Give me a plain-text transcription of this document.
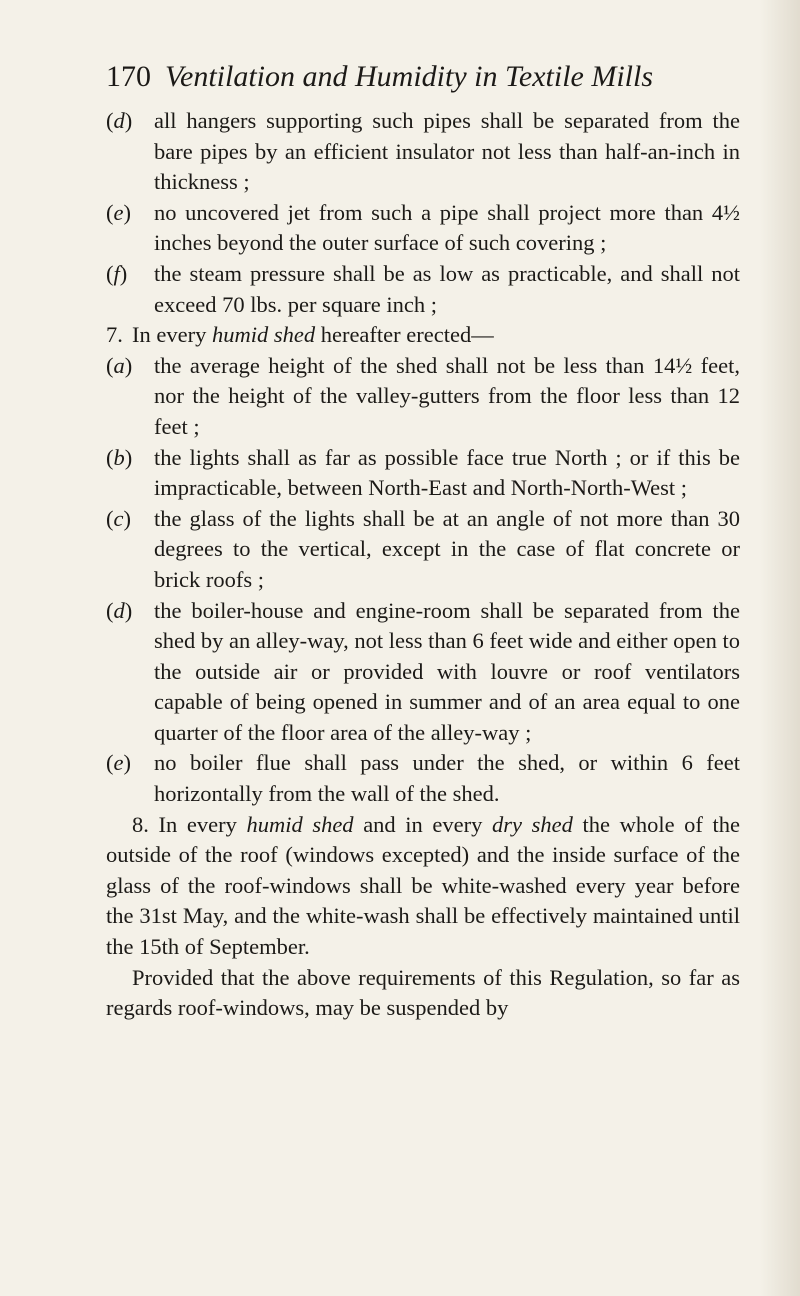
170 Ventilation and Humidity in Textile Mills
(d) all hangers supporting such pipes shall be separated from the bare pipes by an efficient insulator not less than half-an-inch in thickness ;

(e)	no uncovered jet from such a pipe shall project more than 4½ inches beyond the outer surface of such covering ;

(f)	the steam pressure shall be as low as practicable, and shall not exceed 70 lbs. per square inch ;

7. In every humid shed hereafter erected—

(a) the average height of the shed shall not be less than 14½ feet, nor the height of the valley-gutters from the floor less than 12 feet ;

(b) the lights shall as far as possible face true North ; or if this be impracticable, between North-East and North-North-West ;

(c)	the glass of the lights shall be at an angle of not more than 30 degrees to the vertical, except in the case of flat concrete or brick roofs ;

(d) the boiler-house and engine-room shall be separated from the shed by an alley-way, not less than 6 feet wide and either open to the outside air or provided with louvre or roof ventilators capable of being opened in summer and of an area equal to one quarter of the floor area of the alley-way ;

(e)	no boiler flue shall pass under the shed, or within 6 feet horizontally from the wall of the shed.

8. In every humid shed and in every dry shed the whole of the outside of the roof (windows excepted) and the inside surface of the glass of the roof-windows shall be white-washed every year before the 31st May, and the white-wash shall be effectively maintained until the 15th of September.

Provided that the above requirements of this Regulation, so far as regards roof-windows, may be suspended by
